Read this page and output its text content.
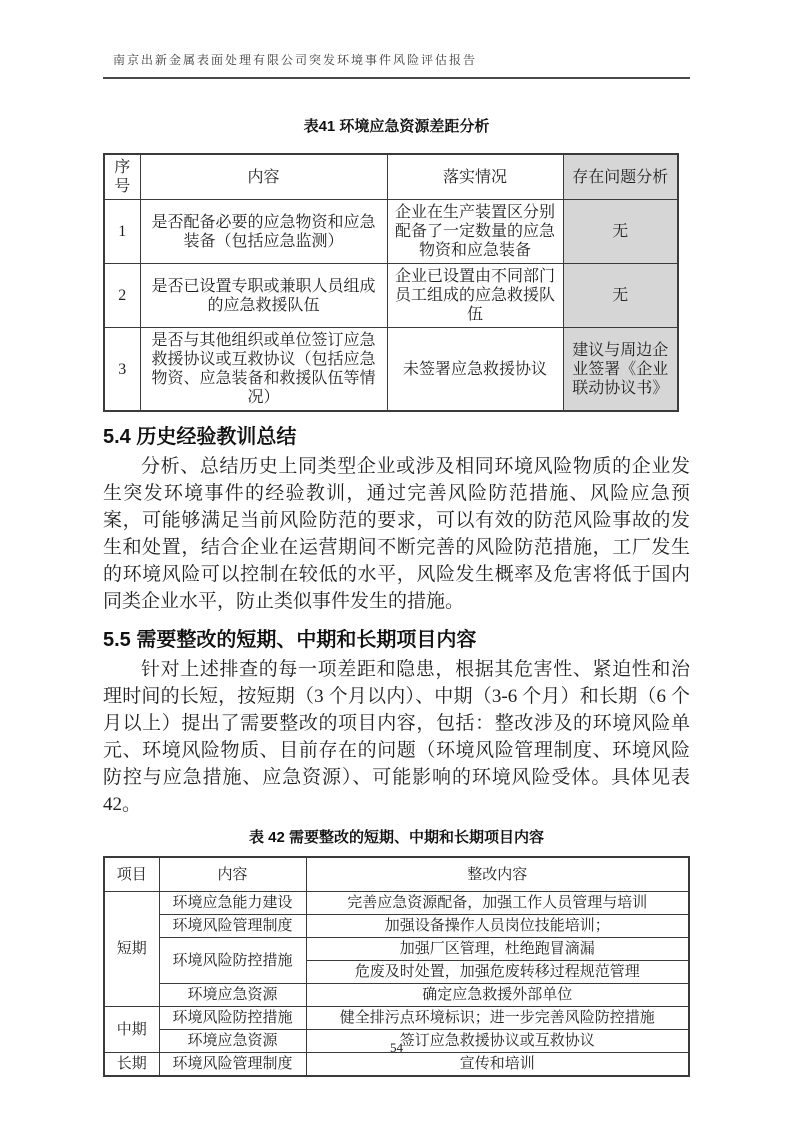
南京出新金属表面处理有限公司突发环境事件风险评估报告
表41 环境应急资源差距分析
序号	内容	落实情况	存在问题分析
1	是否配备必要的应急物资和应急装备（包括应急监测）	企业在生产装置区分别配备了一定数量的应急物资和应急装备	无
2	是否已设置专职或兼职人员组成的应急救援队伍	企业已设置由不同部门员工组成的应急救援队伍	无
3	是否与其他组织或单位签订应急救援协议或互救协议（包括应急物资、应急装备和救援队伍等情况）	未签署应急救援协议	建议与周边企业签署《企业联动协议书》
5.4 历史经验教训总结
分析、总结历史上同类型企业或涉及相同环境风险物质的企业发生突发环境事件的经验教训，通过完善风险防范措施、风险应急预案，可能够满足当前风险防范的要求，可以有效的防范风险事故的发生和处置，结合企业在运营期间不断完善的风险防范措施，工厂发生的环境风险可以控制在较低的水平，风险发生概率及危害将低于国内同类企业水平，防止类似事件发生的措施。
5.5 需要整改的短期、中期和长期项目内容
针对上述排查的每一项差距和隐患，根据其危害性、紧迫性和治理时间的长短，按短期（3 个月以内）、中期（3-6 个月）和长期（6 个月以上）提出了需要整改的项目内容，包括：整改涉及的环境风险单元、环境风险物质、目前存在的问题（环境风险管理制度、环境风险防控与应急措施、应急资源）、可能影响的环境风险受体。具体见表 42。
表 42 需要整改的短期、中期和长期项目内容
项目	内容	整改内容
短期	环境应急能力建设	完善应急资源配备，加强工作人员管理与培训
	环境风险管理制度	加强设备操作人员岗位技能培训；
	环境风险防控措施	加强厂区管理，杜绝跑冒滴漏
		危废及时处置，加强危废转移过程规范管理
	环境应急资源	确定应急救援外部单位
中期	环境风险防控措施	健全排污点环境标识；进一步完善风险防控措施
	环境应急资源	签订应急救援协议或互救协议
长期	环境风险管理制度	宣传和培训
54
